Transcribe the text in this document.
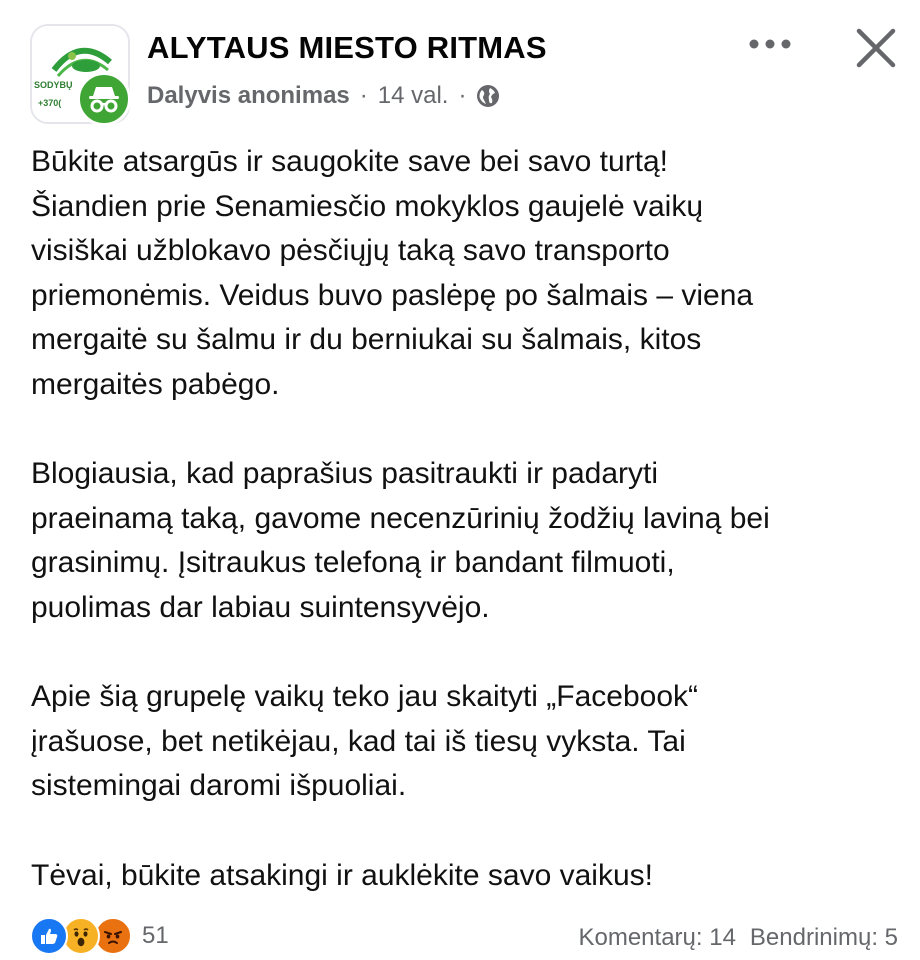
SODYBŲ
+370(
ALYTAUS MIESTO RITMAS
Dalyvis anonimas · 14 val. ·

Būkite atsargūs ir saugokite save bei savo turtą!
Šiandien prie Senamiesčio mokyklos gaujelė vaikų
visiškai užblokavo pėsčiųjų taką savo transporto
priemonėmis. Veidus buvo paslėpę po šalmais – viena
mergaitė su šalmu ir du berniukai su šalmais, kitos
mergaitės pabėgo.

Blogiausia, kad paprašius pasitraukti ir padaryti
praeinamą taką, gavome necenzūrinių žodžių laviną bei
grasinimų. Įsitraukus telefoną ir bandant filmuoti,
puolimas dar labiau suintensyvėjo.

Apie šią grupelę vaikų teko jau skaityti „Facebook“
įrašuose, bet netikėjau, kad tai iš tiesų vyksta. Tai
sistemingai daromi išpuoliai.

Tėvai, būkite atsakingi ir auklėkite savo vaikus!

51	Komentarų: 14 Bendrinimų: 5
